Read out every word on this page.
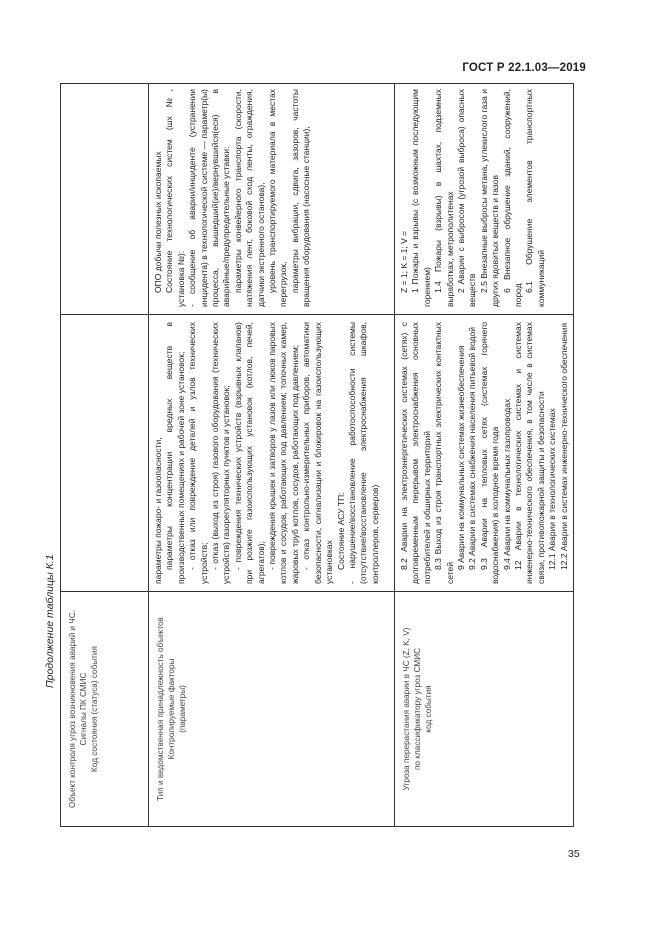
ГОСТ Р 22.1.03—2019
Продолжение таблицы К.1 Объект контроля угроз возникновения аварий и ЧС. Сигналы ПК СМИС Код состояния (статуса) события	Тип и ведомственная принадлежность объектов Контролируемые факторы (параметры)

параметры пожаро- и газоопасности, параметры концентрации вредных веществ в производственных помещениях и рабочей зоне установок; - отказ или повреждение деталей и узлов технических устройств; - отказ (выход из строя) газового оборудования (технических устройств) газорегуляторных пунктов и установок; - повреждения технических устройств (взрывных клапанов) при розжиге газоиспользующих установок (котлов, печей, агрегатов); - повреждения крышек и затворов у лазов или люков паровых котлов и сосудов, работающих под давлением; топочных камер, жаровых труб котлов, сосудов, работающих под давлением; - отказ контрольно-измерительных приборов, автоматики безопасности, сигнализации и блокировок на газоиспользующих установках Состояние АСУ ТП: - нарушение/восстановление работоспособности системы (отсутствие/восстановление электроснабжения шкафов, контроллеров, серверов)

ОПО добычи полезных ископаемых Состояние технологических систем (шх №, установка №): - сообщение об аварии/инциденте (устранении инцидента) в технологической системе — параметр(ы) процесса, вышедший(ие)/вернувшийся(еся) в аварийные/предупредительные уставки: параметры конвейерного транспорта (скорости, натяжения лент, боковой сход ленты, ограждения, датчики экстренного останова), уровень транспортируемого материала в местах перегрузок, параметры вибрации, сдвига, зазоров, частоты вращения оборудования (насосные станции),

Угроза перерастания аварии в ЧС (Z, K, V) по классификатору угроз СМИС код события

8.2 Аварии на электроэнергетических системах (сетях) с долговременным перерывом электроснабжения основных потребителей и обширных территорий 8.3 Выход из строя транспортных электрических контактных сетей

9 Аварии на коммунальных системах жизнеобеспечения 9.2 Аварии в системах снабжения населения питьевой водой 9.3 Аварии на тепловых сетях (системах горячего водоснабжения) в холодное время года 9.4 Аварии на коммунальных газопроводах 12 Аварии в технологических системах и системах инженерно-технического обеспечения, в том числе в системах связи, противопожарной защиты и безопасности 12.1 Аварии в технологических системах 12.2 Аварии в системах инженерно-технического обеспечения

Z = 1; K = 1; V = 1 Пожары и взрывы (с возможным последующим горением) 1.4 Пожары (взрывы) в шахтах, подземных выработках, метрополитенах 2 Аварии с выбросом (угрозой выброса) опасных веществ 2.5 Внезапные выбросы метана, углекислого газа и других ядовитых веществ и газов 6 Внезапное обрушение зданий, сооружений, пород

6.1 Обрушение элементов транспортных коммуникаций

35
